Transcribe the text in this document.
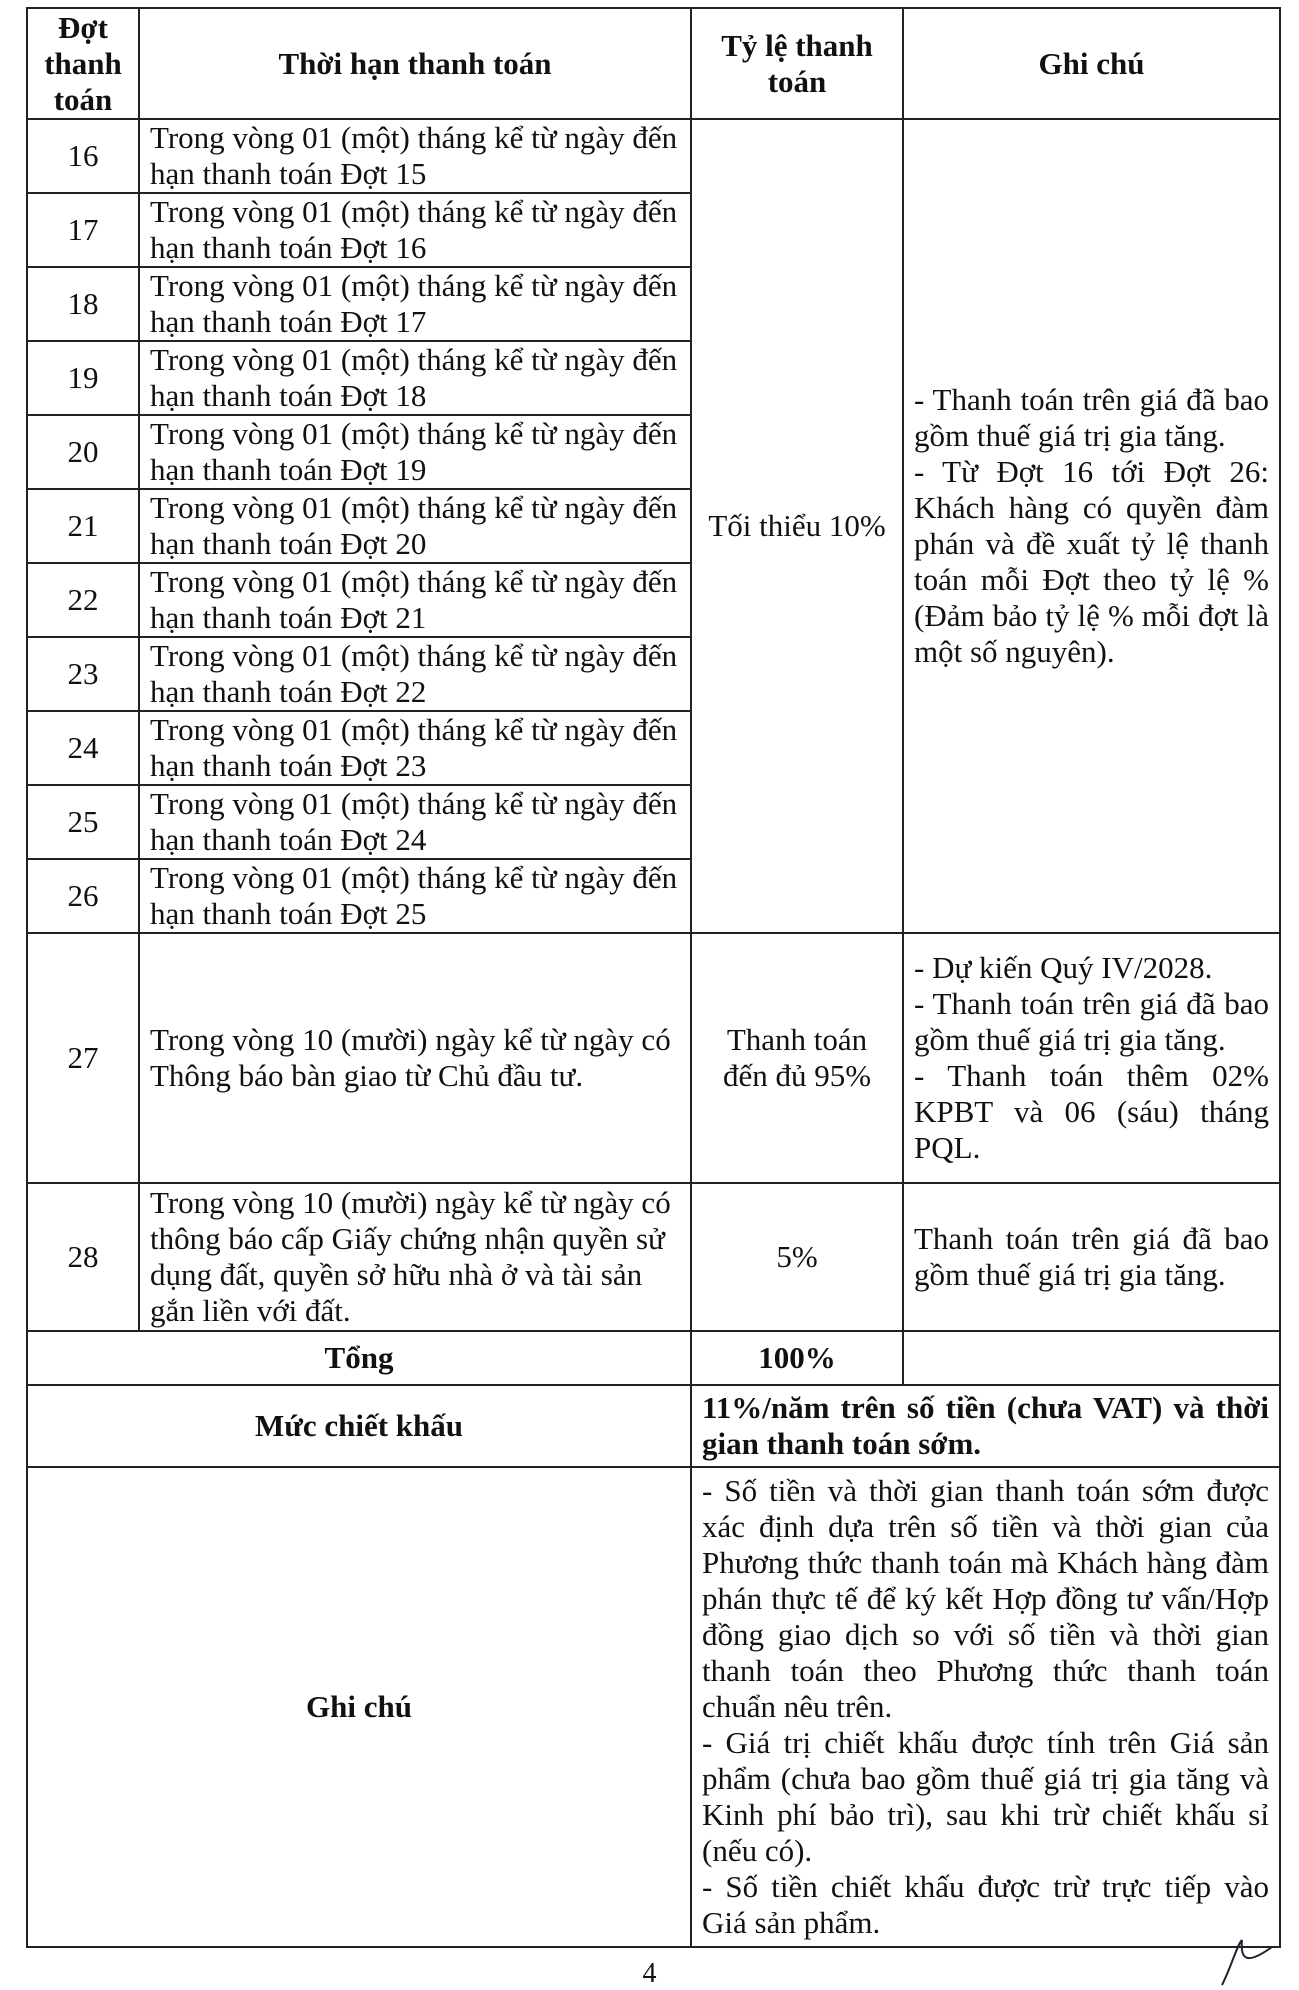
Đợt thanh toán	Thời hạn thanh toán	Tỷ lệ thanh toán	Ghi chú
16	Trong vòng 01 (một) tháng kể từ ngày đến hạn thanh toán Đợt 15	Tối thiểu 10%	- Thanh toán trên giá đã bao gồm thuế giá trị gia tăng.
- Từ Đợt 16 tới Đợt 26: Khách hàng có quyền đàm phán và đề xuất tỷ lệ thanh toán mỗi Đợt theo tỷ lệ % (Đảm bảo tỷ lệ % mỗi đợt là một số nguyên).

17	Trong vòng 01 (một) tháng kể từ ngày đến hạn thanh toán Đợt 16		
18	Trong vòng 01 (một) tháng kể từ ngày đến hạn thanh toán Đợt 17		
19	Trong vòng 01 (một) tháng kể từ ngày đến hạn thanh toán Đợt 18		
20	Trong vòng 01 (một) tháng kể từ ngày đến hạn thanh toán Đợt 19		
21	Trong vòng 01 (một) tháng kể từ ngày đến hạn thanh toán Đợt 20		
22	Trong vòng 01 (một) tháng kể từ ngày đến hạn thanh toán Đợt 21		
23	Trong vòng 01 (một) tháng kể từ ngày đến hạn thanh toán Đợt 22		
24	Trong vòng 01 (một) tháng kể từ ngày đến hạn thanh toán Đợt 23		
25	Trong vòng 01 (một) tháng kể từ ngày đến hạn thanh toán Đợt 24		
26	Trong vòng 01 (một) tháng kể từ ngày đến hạn thanh toán Đợt 25		
27	Trong vòng 10 (mười) ngày kể từ ngày có Thông báo bàn giao từ Chủ đầu tư.	Thanh toán đến đủ 95%	- Dự kiến Quý IV/2028.
- Thanh toán trên giá đã bao gồm thuế giá trị gia tăng.
- Thanh toán thêm 02% KPBT và 06 (sáu) tháng PQL.

28	Trong vòng 10 (mười) ngày kể từ ngày có thông báo cấp Giấy chứng nhận quyền sử dụng đất, quyền sở hữu nhà ở và tài sản gắn liền với đất.	5%	Thanh toán trên giá đã bao gồm thuế giá trị gia tăng.
Tổng		100%	
Mức chiết khấu		11%/năm trên số tiền (chưa VAT) và thời gian thanh toán sớm.	
Ghi chú		- Số tiền và thời gian thanh toán sớm được xác định dựa trên số tiền và thời gian của Phương thức thanh toán mà Khách hàng đàm phán thực tế để ký kết Hợp đồng tư vấn/Hợp đồng giao dịch so với số tiền và thời gian thanh toán theo Phương thức thanh toán chuẩn nêu trên.
- Giá trị chiết khấu được tính trên Giá sản phẩm (chưa bao gồm thuế giá trị gia tăng và Kinh phí bảo trì), sau khi trừ chiết khấu sỉ (nếu có).
- Số tiền chiết khấu được trừ trực tiếp vào Giá sản phẩm.	
4
